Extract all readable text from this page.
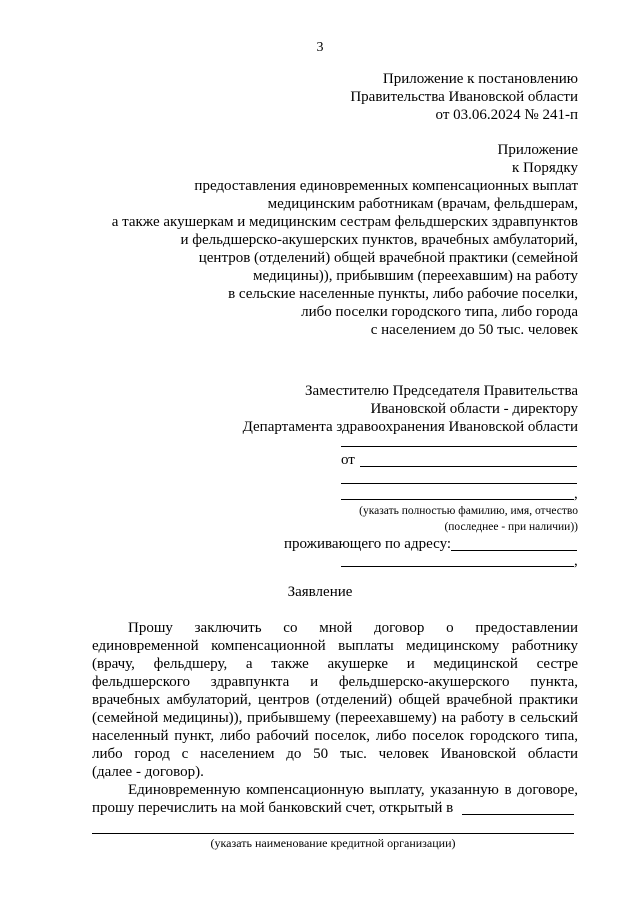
3
Приложение к постановлению
Правительства Ивановской области
от 03.06.2024 № 241-п
Приложение
к Порядку
предоставления единовременных компенсационных выплат
медицинским работникам (врачам, фельдшерам,
а также акушеркам и медицинским сестрам фельдшерских здравпунктов
и фельдшерско-акушерских пунктов, врачебных амбулаторий,
центров (отделений) общей врачебной практики (семейной
медицины)), прибывшим (переехавшим) на работу
в сельские населенные пункты, либо рабочие поселки,
либо поселки городского типа, либо города
с населением до 50 тыс. человек
Заместителю Председателя Правительства
Ивановской области - директору
Департамента здравоохранения Ивановской области
от
,
(указать полностью фамилию, имя, отчество
(последнее - при наличии))
проживающего по адресу:
,
Заявление
Прошу заключить со мной договор о предоставлении
единовременной компенсационной выплаты медицинскому работнику
(врачу, фельдшеру, а также акушерке и медицинской сестре
фельдшерского здравпункта и фельдшерско-акушерского пункта,
врачебных амбулаторий, центров (отделений) общей врачебной практики
(семейной медицины)), прибывшему (переехавшему) на работу в сельский
населенный пункт, либо рабочий поселок, либо поселок городского типа,
либо город с населением до 50 тыс. человек Ивановской области
(далее - договор).
Единовременную компенсационную выплату, указанную в договоре,
прошу перечислить на мой банковский счет, открытый в
(указать наименование кредитной организации)
